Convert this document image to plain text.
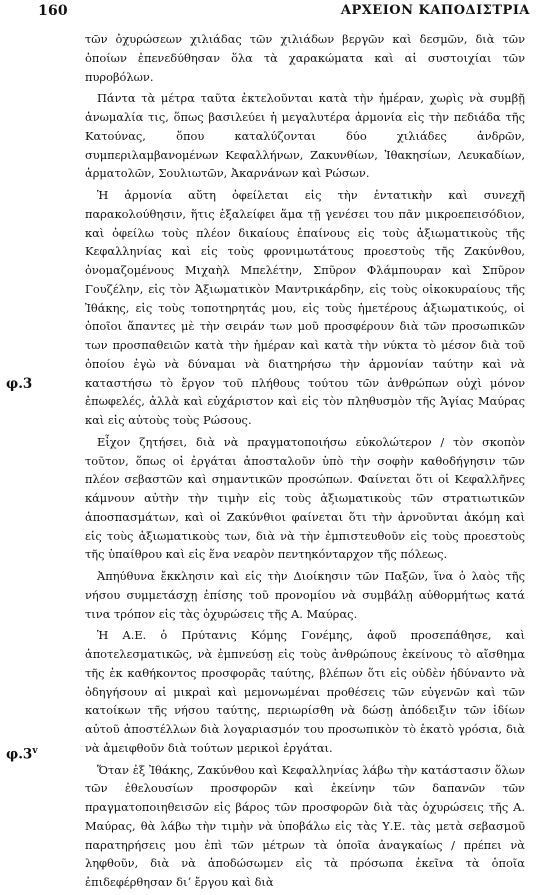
160	ΑΡΧΕΙΟΝ ΚΑΠΟΔΙΣΤΡΙΑ
φ.3
φ.3$^v$

τῶν ὀχυρώσεων χιλιάδας τῶν χιλιάδων βεργῶν καὶ δεσμῶν, διὰ τῶν ὁποίων ἐπενεδύθησαν ὅλα τὰ χαρακώματα καὶ αἱ συστοιχίαι τῶν πυροβόλων.

Πάντα τὰ μέτρα ταῦτα ἐκτελοῦνται κατὰ τὴν ἡμέραν, χωρὶς νὰ συμβῇ ἀνωμαλία τις, ὅπως βασιλεύει ἡ μεγαλυτέρα ἁρμονία εἰς τὴν πεδιάδα τῆς Κατούνας, ὅπου καταλύζονται δύο χιλιάδες ἀνδρῶν, συμπεριλαμβανομένων Κεφαλλήνων, Ζακυνθίων, Ἰθακησίων, Λευκαδίων, ἁρματολῶν, Σουλιωτῶν, Ἀκαρνάνων καὶ Ρώσων.

Ἡ ἁρμονία αὕτη ὀφείλεται εἰς τὴν ἐντατικὴν καὶ συνεχῆ παρακολούθησιν, ἥτις ἐξαλείφει ἅμα τῇ γενέσει του πᾶν μικροεπεισόδιον, καὶ ὀφείλω τοὺς πλέον δικαίους ἐπαίνους εἰς τοὺς ἀξιωματικοὺς τῆς Κεφαλληνίας καὶ εἰς τοὺς φρονιμωτάτους προεστοὺς τῆς Ζακύνθου, ὀνομαζομένους Μιχαὴλ Μπελέτην, Σπῦρον Φλάμπουραν καὶ Σπῦρον Γουζέλην, εἰς τὸν Ἀξιωματικὸν Μαντρικάρδην, εἰς τοὺς οἰκοκυραίους τῆς Ἰθάκης, εἰς τοὺς τοποτηρητάς μου, εἰς τοὺς ἡμετέρους ἀξιωματικούς, οἱ ὁποῖοι ἅπαντες μὲ τὴν σειράν των μοῦ προσφέρουν διὰ τῶν προσωπικῶν των προσπαθειῶν κατὰ τὴν ἡμέραν καὶ κατὰ τὴν νύκτα τὸ μέσον διὰ τοῦ ὁποίου ἐγὼ νὰ δύναμαι νὰ διατηρήσω τὴν ἁρμονίαν ταύτην καὶ νὰ καταστήσω τὸ ἔργον τοῦ πλήθους τούτου τῶν ἀνθρώπων οὐχὶ μόνον ἐπωφελές, ἀλλὰ καὶ εὐχάριστον καὶ εἰς τὸν πληθυσμὸν τῆς Ἁγίας Μαύρας καὶ εἰς αὐτοὺς τοὺς Ρώσους.

Εἶχον ζητήσει, διὰ νὰ πραγματοποιήσω εὐκολώτερον / τὸν σκοπὸν τοῦτον, ὅπως οἱ ἐργάται ἀποσταλοῦν ὑπὸ τὴν σοφὴν καθοδήγησιν τῶν πλέον σεβαστῶν καὶ σημαντικῶν προσώπων. Φαίνεται ὅτι οἱ Κεφαλλῆνες κάμνουν αὐτὴν τὴν τιμὴν εἰς τοὺς ἀξιωματικοὺς τῶν στρατιωτικῶν ἀποσπασμάτων, καὶ οἱ Ζακύνθιοι φαίνεται ὅτι τὴν ἀρνοῦνται ἀκόμη καὶ εἰς τοὺς ἀξιωματικοὺς των, διὰ νὰ τὴν ἐμπιστευθοῦν εἰς τοὺς προεστοὺς τῆς ὑπαίθρου καὶ εἰς ἕνα νεαρὸν πεντηκόνταρχον τῆς πόλεως.

Ἀπηύθυνα ἔκκλησιν καὶ εἰς τὴν Διοίκησιν τῶν Παξῶν, ἵνα ὁ λαὸς τῆς νήσου συμμετάσχῃ ἐπίσης τοῦ προνομίου νὰ συμβάλῃ αὐθορμήτως κατά τινα τρόπον εἰς τὰς ὀχυρώσεις τῆς Α. Μαύρας.

Ἡ Α.Ε. ὁ Πρύτανις Κόμης Γονέμης, ἀφοῦ προσεπάθησε, καὶ ἀποτελεσματικῶς, νὰ ἐμπνεύσῃ εἰς τοὺς ἀνθρώπους ἐκείνους τὸ αἴσθημα τῆς ἐκ καθήκοντος προσφορᾶς ταύτης, βλέπων ὅτι εἰς οὐδὲν ἠδύναντο νὰ ὁδηγήσουν αἱ μικραὶ καὶ μεμονωμέναι προθέσεις τῶν εὐγενῶν καὶ τῶν κατοίκων τῆς νήσου ταύτης, περιωρίσθη νὰ δώσῃ ἀπόδειξιν τῶν ἰδίων αὐτοῦ ἀποστέλλων διὰ λογαριασμόν του προσωπικὸν τὸ ἑκατὸ γρόσια, διὰ νὰ ἀμειφθοῦν διὰ τούτων μερικοὶ ἐργάται.

Ὅταν ἐξ Ἰθάκης, Ζακύνθου καὶ Κεφαλληνίας λάβω τὴν κατάστασιν ὅλων τῶν ἐθελουσίων προσφορῶν καὶ ἐκείνην τῶν δαπανῶν τῶν πραγματοποιηθεισῶν εἰς βάρος τῶν προσφορῶν διὰ τὰς ὀχυρώσεις τῆς Α. Μαύρας, θὰ λάβω τὴν τιμὴν νὰ ὑποβάλω εἰς τὰς Υ.Ε. τὰς μετὰ σεβασμοῦ παρατηρήσεις μου ἐπὶ τῶν μέτρων τὰ ὁποῖα ἀναγκαίως / πρέπει νὰ ληφθοῦν, διὰ νὰ ἀποδώσωμεν εἰς τὰ πρόσωπα ἐκεῖνα τὰ ὁποῖα ἐπιδεφέρθησαν διʼ ἔργου καὶ διὰ
